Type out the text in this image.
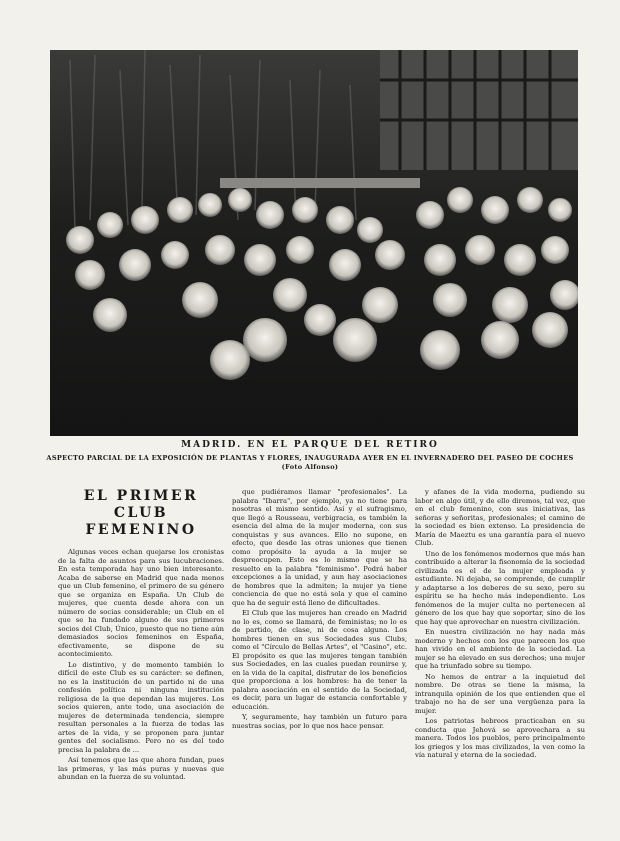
MADRID. EN EL PARQUE DEL RETIRO
ASPECTO PARCIAL DE LA EXPOSICIÓN DE PLANTAS Y FLORES, INAUGURADA AYER EN EL INVERNADERO DEL PASEO DE COCHES (Foto Alfonso)
EL PRIMER CLUB
FEMENINO

Algunas veces echan quejarse los cronistas de la falta de asuntos para sus lucubraciones. En esta temporada hay uno bien interesante. Acaba de saberse en Madrid que nada menos que un Club femenino, el primero de su género que se organiza en España. Un Club de mujeres, que cuenta desde ahora con un número de socias considerable; un Club en el que se ha fundado alguno de sus primeros socios del Club, Único, puesto que no tiene aún demasiados socios femeninos en España, efectivamente, se dispone de su acontecimiento.

Lo distintivo, y de momento también lo difícil de este Club es su carácter: se definen, no es la institución de un partido ni de una confesión política ni ninguna institución religiosa de la que dependan las mujeres. Los socios quieren, ante todo, una asociación de mujeres de determinada tendencia, siempre resultan personales a la fuerza de todas las artes de la vida, y se proponen para juntar gentes del socialismo. Pero no es del todo precisa la palabra de ...

Así tenemos que las que ahora fundan, pues las primeras, y las más puras y nuevas que abundan en la fuerza de su voluntad.

que pudiéramos llamar "profesionales". La palabra "Ibarra", por ejemplo, ya no tiene para nosotras el mismo sentido. Así y el sufragismo, que llegó a Rousseau, verbigracia, es también la esencia del alma de la mujer moderna, con sus conquistas y sus avances. Ello no supone, en efecto, que desde las otras uniones que tienen como propósito la ayuda a la mujer se despreocupen. Esto es lo mismo que se ha resuelto en la palabra "feminismo". Podrá haber excepciones a la unidad, y aun hay asociaciones de hombres que la admiten; la mujer ya tiene conciencia de que no está sola y que el camino que ha de seguir está lleno de dificultades.

El Club que las mujeres han creado en Madrid no lo es, como se llamará, de feministas; no lo es de partido, de clase, ni de cosa alguna. Los hombres tienen en sus Sociedades sus Clubs, como el "Círculo de Bellas Artes", el "Casino", etc. El propósito es que las mujeres tengan también sus Sociedades, en las cuales puedan reunirse y, en la vida de la capital, disfrutar de los beneficios que proporciona a los hombres: ha de tener la palabra asociación en el sentido de la Sociedad, es decir, para un lugar de estancia confortable y educación.

Y, seguramente, hay también un futuro para nuestras socias, por lo que nos hace pensar.

y afanes de la vida moderna, pudiendo su labor en algo útil, y de ello diremos, tal vez, que en el club femenino, con sus iniciativas, las señoras y señoritas, profesionales; el camino de la sociedad es bien extenso. La presidencia de María de Maeztu es una garantía para el nuevo Club.

Uno de los fenómenos modernos que más han contribuido a alterar la fisonomía de la sociedad civilizada es el de la mujer empleada y estudiante. Ni dejaba, se comprende, de cumplir y adaptarse a los deberes de su sexo, pero su espíritu se ha hecho más independiente. Los fenómenos de la mujer culta no pertenecen al género de los que hay que soportar, sino de los que hay que aprovechar en nuestra civilización.

En nuestra civilización no hay nada más moderno y hechos con los que parecen los que han vivido en el ambiente de la sociedad. La mujer se ha elevado en sus derechos; una mujer que ha triunfado sobre su tiempo.

No hemos de entrar a la inquietud del nombre. De otras se tiene la misma, la intranquila opinión de los que entienden que el trabajo no ha de ser una vergüenza para la mujer.

Los patriotas hebreos practicaban en su conducta que Jehová se aprovechara a su manera. Todos los pueblos, pero principalmente los griegos y los mas civilizados, la ven como la vía natural y eterna de la sociedad.
